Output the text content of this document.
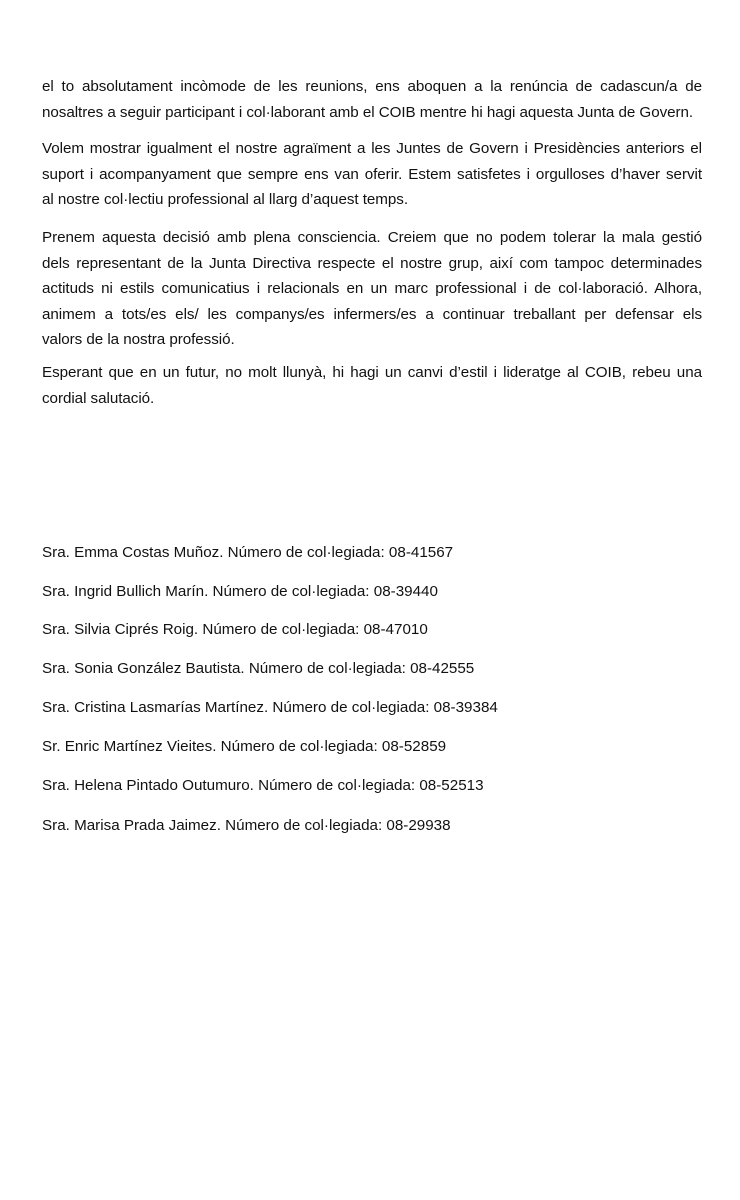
el to absolutament incòmode de les reunions, ens aboquen a la renúncia de cadascun/a de
nosaltres a seguir participant i col·laborant amb el COIB mentre hi hagi aquesta Junta de Govern.

Volem mostrar igualment el nostre agraïment a les Juntes de Govern i Presidències anteriors el
suport i acompanyament que sempre ens van oferir. Estem satisfetes i orgulloses d’haver servit
al nostre col·lectiu professional al llarg d’aquest temps.

Prenem aquesta decisió amb plena consciencia. Creiem que no podem tolerar la mala gestió
dels representant de la Junta Directiva respecte el nostre grup, així com tampoc determinades
actituds ni estils comunicatius i relacionals en un marc professional i de col·laboració. Alhora,
animem a tots/es els/ les companys/es infermers/es a continuar treballant per defensar els
valors de la nostra professió.

Esperant que en un futur, no molt llunyà, hi hagi un canvi d’estil i lideratge al COIB, rebeu una
cordial salutació.

Sra. Emma Costas Muñoz. Número de col·legiada: 08-41567

Sra. Ingrid Bullich Marín. Número de col·legiada: 08-39440

Sra. Silvia Ciprés Roig. Número de col·legiada: 08-47010

Sra. Sonia González Bautista. Número de col·legiada: 08-42555

Sra. Cristina Lasmarías Martínez. Número de col·legiada: 08-39384

Sr. Enric Martínez Vieites. Número de col·legiada: 08-52859

Sra. Helena Pintado Outumuro. Número de col·legiada: 08-52513

Sra. Marisa Prada Jaimez. Número de col·legiada: 08-29938
